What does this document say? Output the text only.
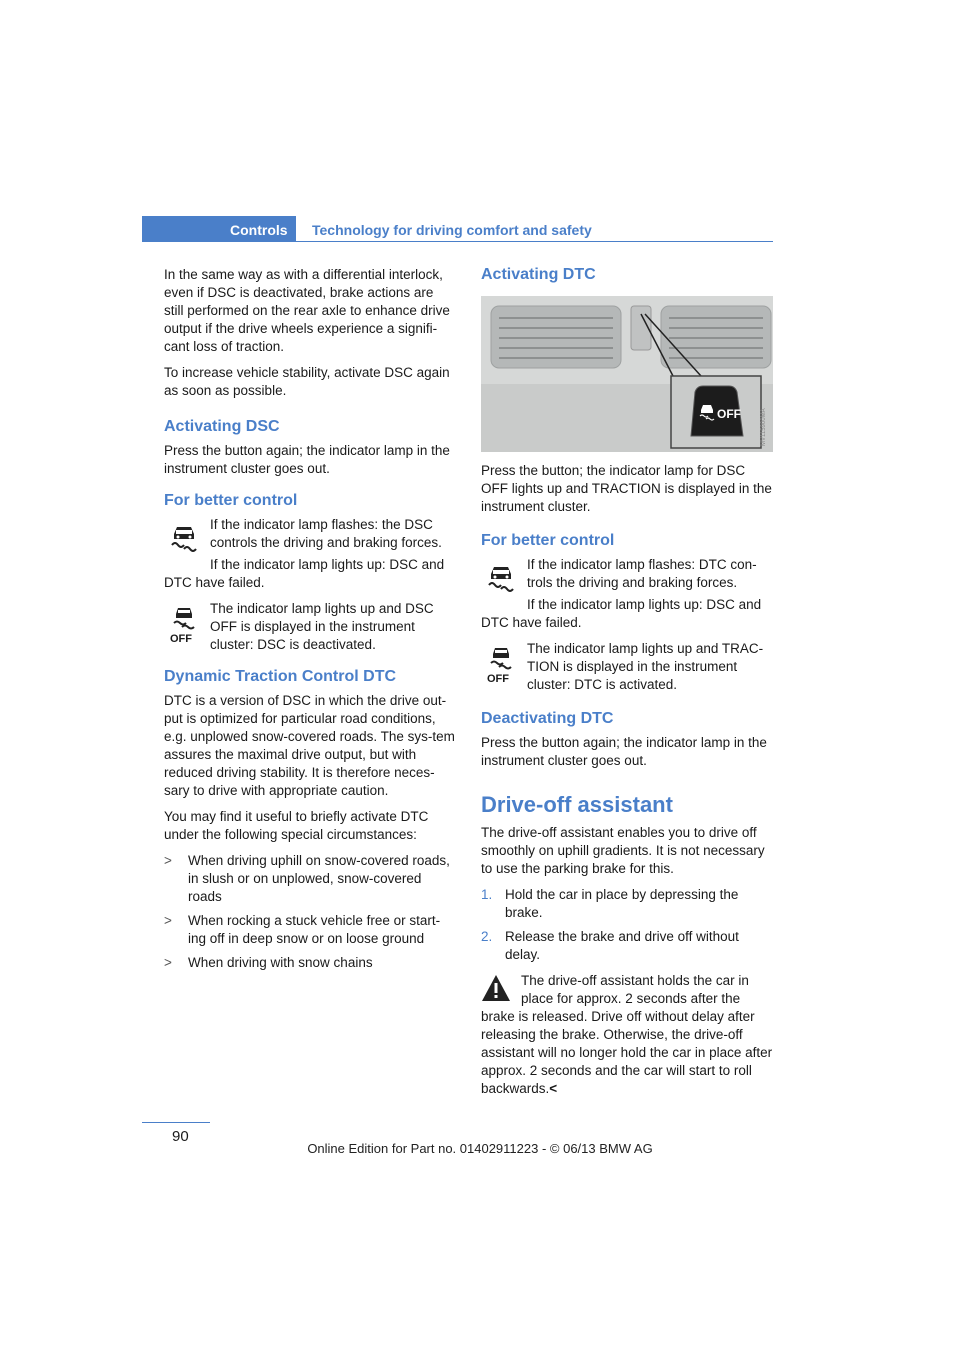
Controls	Technology for driving comfort and safety

In the same way as with a differential interlock, even if DSC is deactivated, brake actions are still performed on the rear axle to enhance drive output if the drive wheels experience a signifi-cant loss of traction.

To increase vehicle stability, activate DSC again as soon as possible.

Activating DSC

Press the button again; the indicator lamp in the instrument cluster goes out.

For better control

If the indicator lamp flashes: the DSC controls the driving and braking forces.

If the indicator lamp lights up: DSC and DTC have failed.

OFF

The indicator lamp lights up and DSC OFF is displayed in the instrument cluster: DSC is deactivated.

Dynamic Traction Control DTC

DTC is a version of DSC in which the drive out-put is optimized for particular road conditions, e.g. unplowed snow-covered roads. The sys-tem assures the maximal drive output, but with reduced driving stability. It is therefore neces-sary to drive with appropriate caution.

You may find it useful to briefly activate DTC under the following special circumstances:

> When driving uphill on snow-covered roads, in slush or on unplowed, snow-covered roads
> When rocking a stuck vehicle free or start-ing off in deep snow or on loose ground
> When driving with snow chains
Activating DTC
OFF	MV115900MA

Press the button; the indicator lamp for DSC OFF lights up and TRACTION is displayed in the instrument cluster.

For better control

If the indicator lamp flashes: DTC con-trols the driving and braking forces.

If the indicator lamp lights up: DSC and DTC have failed.

OFF

The indicator lamp lights up and TRAC-TION is displayed in the instrument cluster: DTC is activated.

Deactivating DTC

Press the button again; the indicator lamp in the instrument cluster goes out.

Drive-off assistant

The drive-off assistant enables you to drive off smoothly on uphill gradients. It is not necessary to use the parking brake for this.

1. Hold the car in place by depressing the brake.
2. Release the brake and drive off without delay.
The drive-off assistant holds the car in place for approx. 2 seconds after the brake is released. Drive off without delay after releasing the brake. Otherwise, the drive-off assistant will no longer hold the car in place after approx. 2 seconds and the car will start to roll backwards.<
90
Online Edition for Part no. 01402911223 - © 06/13 BMW AG
